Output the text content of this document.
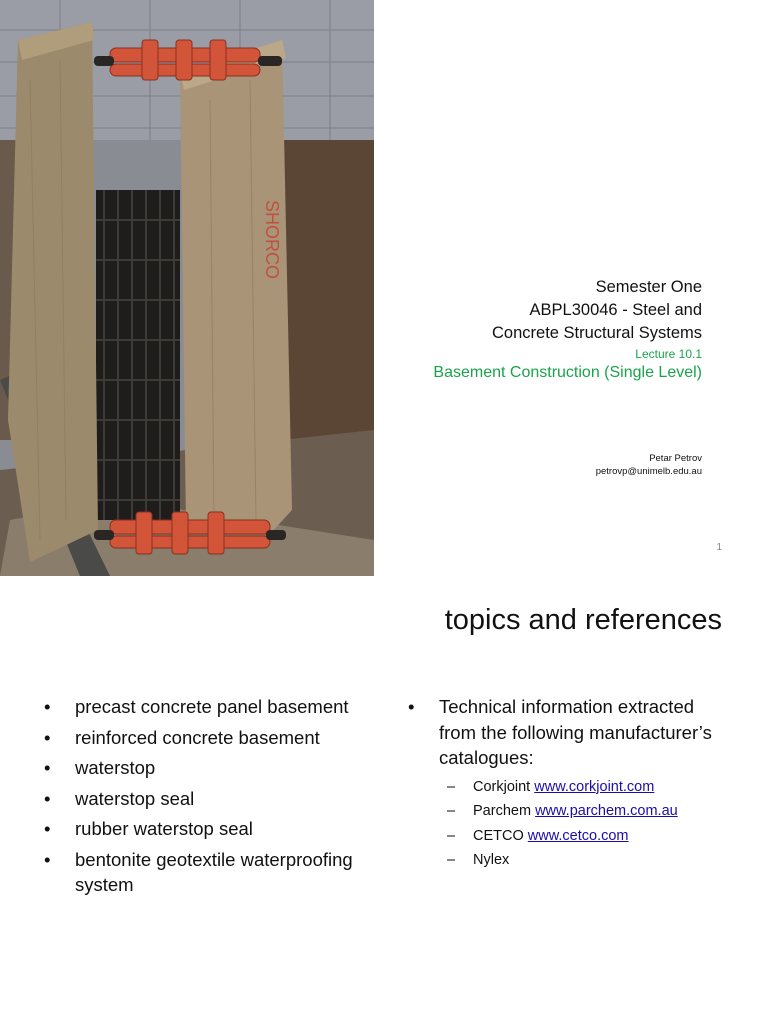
SHORCO
Semester One
ABPL30046 - Steel and
Concrete Structural Systems
Lecture 10.1
Basement Construction (Single Level)
Petar Petrov
petrovp@unimelb.edu.au
1
topics and references
• precast concrete panel basement
• reinforced concrete basement
• waterstop
• waterstop seal
• rubber waterstop seal
• bentonite geotextile waterproofing system
• Technical information extracted from the following manufacturer’s catalogues:
– Corkjoint www.corkjoint.com
– Parchem www.parchem.com.au
– CETCO www.cetco.com
– Nylex
